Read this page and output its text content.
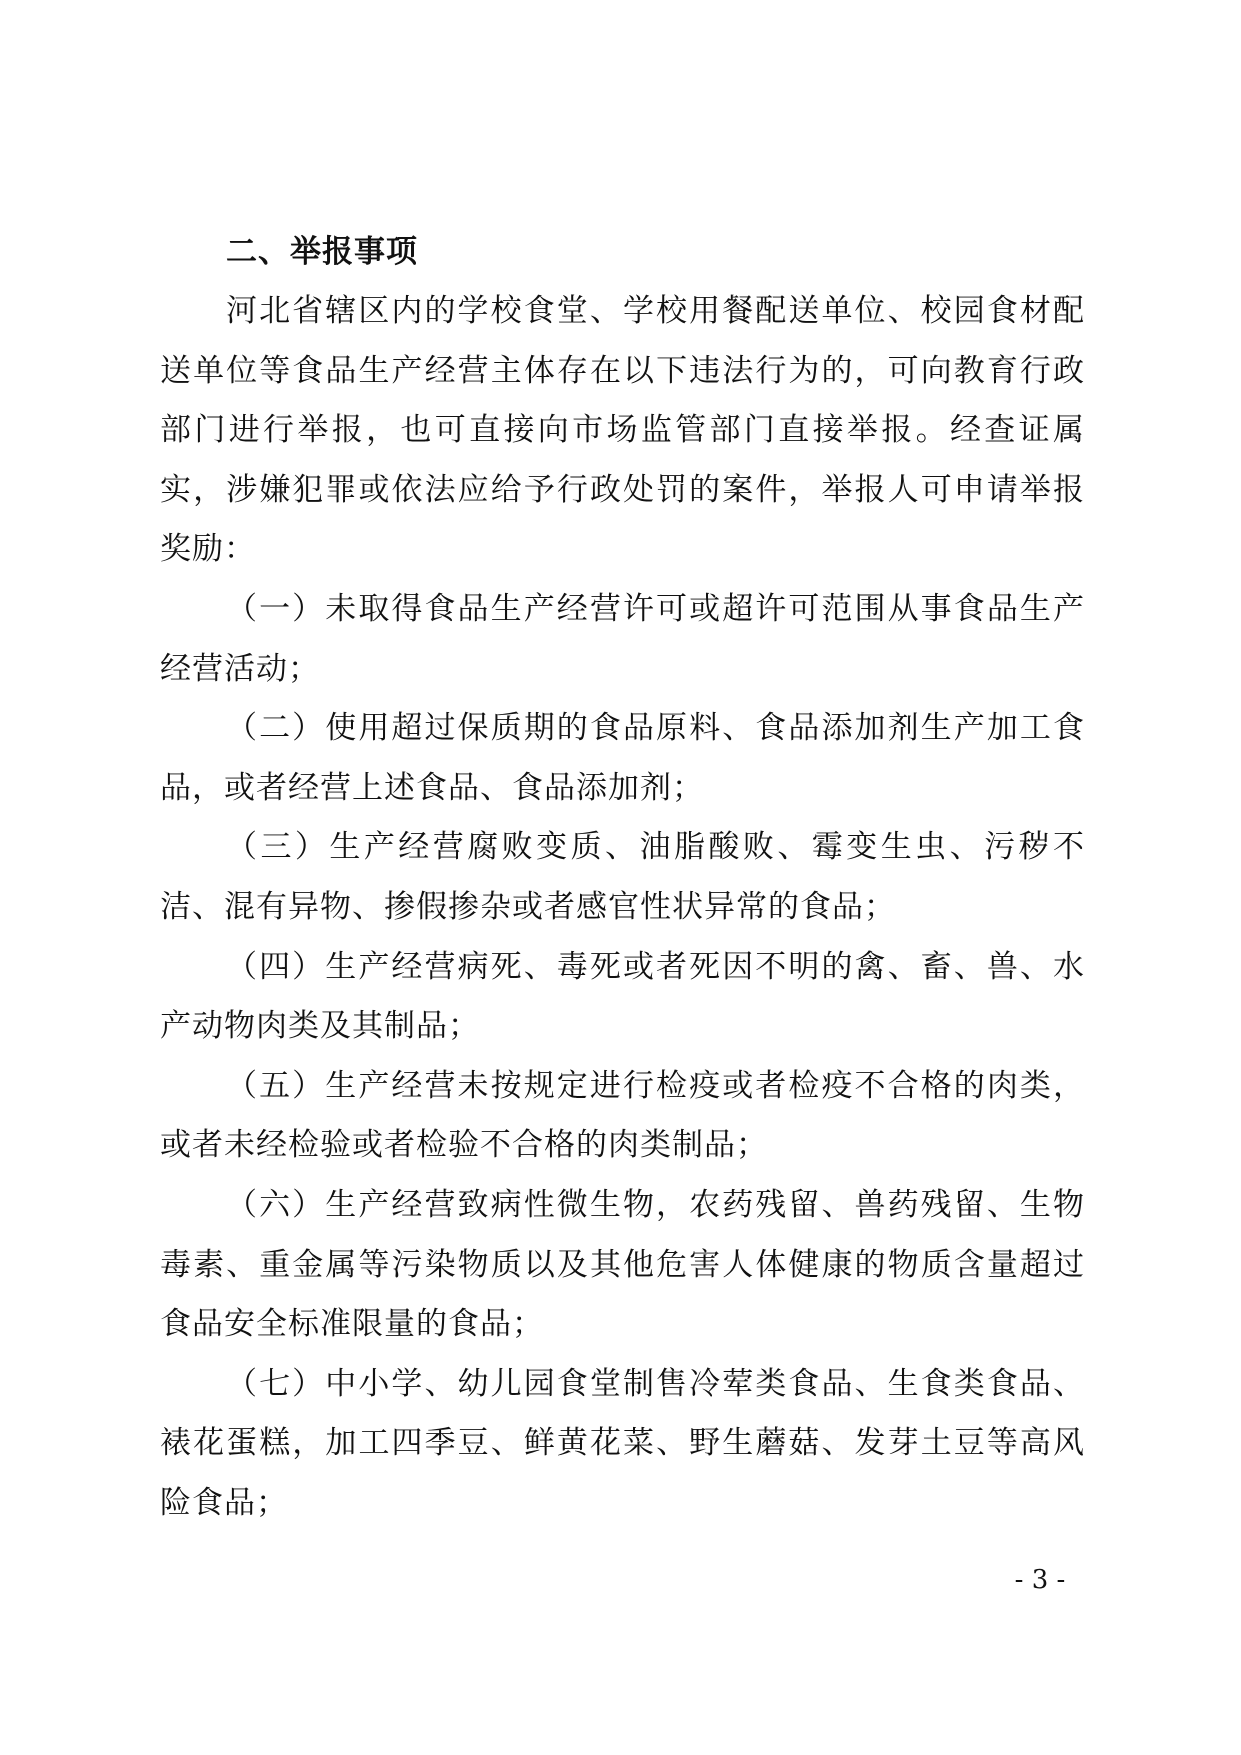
二、举报事项

河北省辖区内的学校食堂、学校用餐配送单位、校园食材配送单位等食品生产经营主体存在以下违法行为的，可向教育行政部门进行举报，也可直接向市场监管部门直接举报。经查证属实，涉嫌犯罪或依法应给予行政处罚的案件，举报人可申请举报奖励：

（一）未取得食品生产经营许可或超许可范围从事食品生产经营活动；

（二）使用超过保质期的食品原料、食品添加剂生产加工食品，或者经营上述食品、食品添加剂；

（三）生产经营腐败变质、油脂酸败、霉变生虫、污秽不洁、混有异物、掺假掺杂或者感官性状异常的食品；

（四）生产经营病死、毒死或者死因不明的禽、畜、兽、水产动物肉类及其制品；

（五）生产经营未按规定进行检疫或者检疫不合格的肉类，或者未经检验或者检验不合格的肉类制品；

（六）生产经营致病性微生物，农药残留、兽药残留、生物毒素、重金属等污染物质以及其他危害人体健康的物质含量超过食品安全标准限量的食品；

（七）中小学、幼儿园食堂制售冷荤类食品、生食类食品、裱花蛋糕，加工四季豆、鲜黄花菜、野生蘑菇、发芽土豆等高风险食品；

- 3 -
